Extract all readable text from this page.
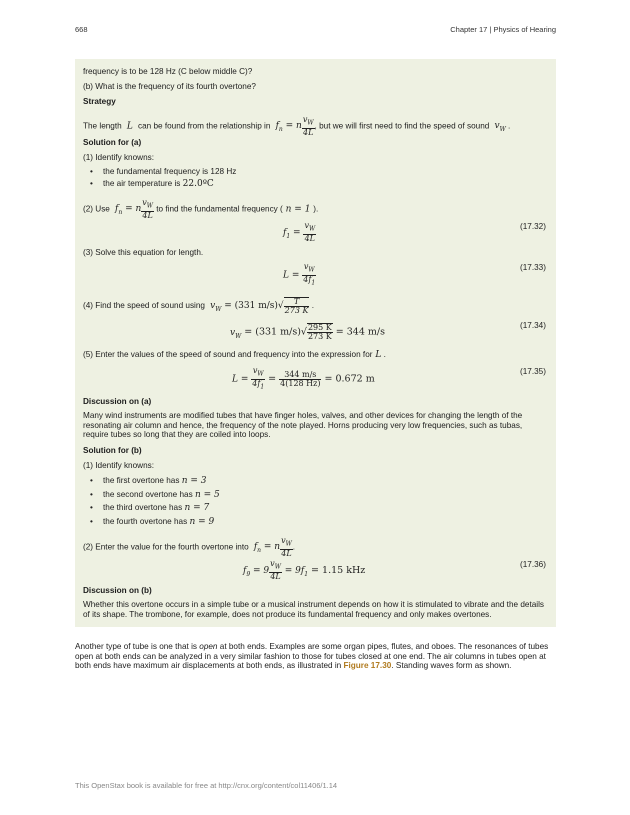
668	Chapter 17 | Physics of Hearing
frequency is to be 128 Hz (C below middle C)?
(b) What is the frequency of its fourth overtone?
Strategy
The length  L  can be found from the relationship in  $f_n = n \frac{v_W}{4L}$ , but we will first need to find the speed of sound  $v_W$ .
Solution for (a)
(1) Identify knowns:
• the fundamental frequency is 128 Hz
• the air temperature is 22.0ºC
(2) Use  $f_n = n \frac{v_W}{4L}$ to find the fundamental frequency ( n = 1 ).
$f_1 = \frac{v_W}{4L}$	(17.32)
(3) Solve this equation for length.
$L = \frac{v_W}{4f_1}$	(17.33)
(4) Find the speed of sound using  $v_W = (331$ $m/s)√ \frac{T}{273 K}$ .
$v_W = (331$ $m/s)√ \frac{295 K}{273 K} = 344$ m/s
(17.34)
(5) Enter the values of the speed of sound and frequency into the expression for L .
$L = \frac{v_W}{4f_1} = \frac{344 m/s}{4(128 Hz)} = 0.672$ m
(17.35)
Discussion on (a)
Many wind instruments are modified tubes that have finger holes, valves, and other devices for changing the length of the resonating air column and hence, the frequency of the note played. Horns producing very low frequencies, such as tubas, require tubes so long that they are coiled into loops.
Solution for (b)
(1) Identify knowns:
• the first overtone has n = 3
• the second overtone has n = 5
• the third overtone has n = 7
• the fourth overtone has n = 9
(2) Enter the value for the fourth overtone into  $f_n = n \frac{v_W}{4L}$ .
$f_9 = 9 \frac{v_W}{4L} = 9f_1 = 1.15$ kHz
(17.36)
Discussion on (b)
Whether this overtone occurs in a simple tube or a musical instrument depends on how it is stimulated to vibrate and the details of its shape. The trombone, for example, does not produce its fundamental frequency and only makes overtones.
Another type of tube is one that is open at both ends. Examples are some organ pipes, flutes, and oboes. The resonances of tubes open at both ends can be analyzed in a very similar fashion to those for tubes closed at one end. The air columns in tubes open at both ends have maximum air displacements at both ends, as illustrated in Figure 17.30. Standing waves form as shown.
This OpenStax book is available for free at http://cnx.org/content/col11406/1.14
